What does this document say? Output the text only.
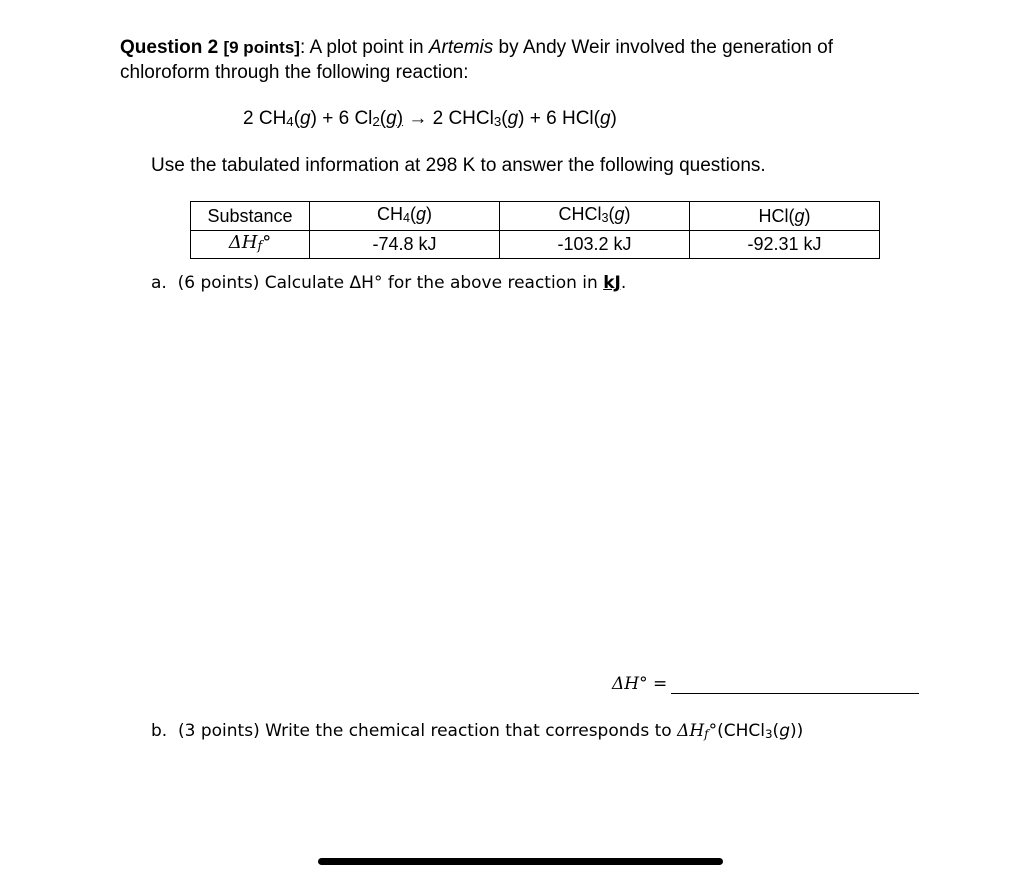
Question 2 [9 points]: A plot point in Artemis by Andy Weir involved the generation of chloroform through the following reaction:
2 $CH_4(g) + 6$ $Cl_2(g) \to 2$ CHCl$_3$(g) + 6 HCl(g)
Use the tabulated information at 298 K to answer the following questions.
Substance	$CH_4(g)$	CHCl$_3$(g)	HCl(g)
$\Delta H_f^\circ$	-74.8 kJ	-103.2 kJ	-92.31 kJ
a. (6 points) Calculate ΔH° for the above reaction in kJ.
ΔH° =
b. (3 points) Write the chemical reaction that corresponds to $\Delta H_f^\circ(CHCl_3(g))$
